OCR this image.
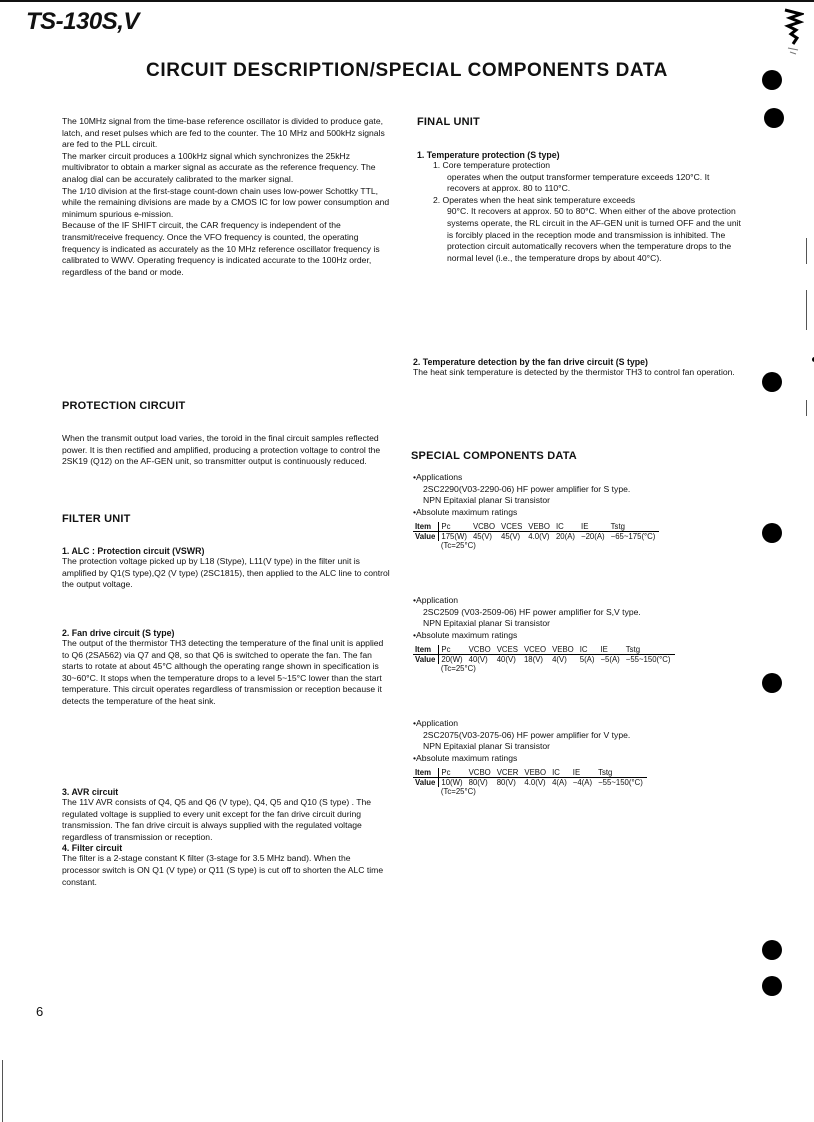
TS-130S,V
CIRCUIT DESCRIPTION/SPECIAL COMPONENTS DATA

The 10MHz signal from the time-base reference oscillator is divided to produce gate, latch, and reset pulses which are fed to the counter. The 10 MHz and 500kHz signals are fed to the PLL circuit.

The marker circuit produces a 100kHz signal which synchronizes the 25kHz multivibrator to obtain a marker signal as accurate as the reference frequency. The analog dial can be accurately calibrated to the marker signal.

The 1/10 division at the first-stage count-down chain uses low-power Schottky TTL, while the remaining divisions are made by a CMOS IC for low power consumption and minimum spurious e-mission.

Because of the IF SHIFT circuit, the CAR frequency is independent of the transmit/receive frequency. Once the VFO frequency is counted, the operating frequency is indicated as accurately as the 10 MHz reference oscillator frequency is calibrated to WWV. Operating frequency is indicated accurate to the 100Hz order, regardless of the band or mode.

PROTECTION CIRCUIT

When the transmit output load varies, the toroid in the final circuit samples reflected power. It is then rectified and amplified, producing a protection voltage to control the 2SK19 (Q12) on the AF-GEN unit, so transmitter output is continuously reduced.

FILTER UNIT
1. ALC : Protection circuit (VSWR)

The protection voltage picked up by L18 (Stype), L11(V type) in the filter unit is amplified by Q1(S type),Q2 (V type) (2SC1815), then applied to the ALC line to control the output voltage.

2. Fan drive circuit (S type)

The output of the thermistor TH3 detecting the temperature of the final unit is applied to Q6 (2SA562) via Q7 and Q8, so that Q6 is switched to operate the fan. The fan starts to rotate at about 45°C although the operating range shown in specification is 30~60°C. It stops when the temperature drops to a level 5~15°C lower than the start temperature. This circuit operates regardless of transmission or reception because it detects the temperature of the heat sink.

3. AVR circuit

The 11V AVR consists of Q4, Q5 and Q6 (V type), Q4, Q5 and Q10 (S type) . The regulated voltage is supplied to every unit except for the fan drive circuit during transmission. The fan drive circuit is always supplied with the regulated voltage regardless of transmission or reception.

4. Filter circuit

The filter is a 2-stage constant K filter (3-stage for 3.5 MHz band). When the processor switch is ON Q1 (V type) or Q11 (S type) is cut off to shorten the ALC time constant.

FINAL UNIT
1. Temperature protection (S type)

1. Core temperature protection

operates when the output transformer temperature exceeds 120°C. It recovers at approx. 80 to 110°C.

2. Operates when the heat sink temperature exceeds

90°C. It recovers at approx. 50 to 80°C. When either of the above protection systems operate, the RL circuit in the AF-GEN unit is turned OFF and the unit is forcibly placed in the reception mode and transmission is inhibited. The protection circuit automatically recovers when the temperature drops to the normal level (i.e., the temperature drops by about 40°C).

2. Temperature detection by the fan drive circuit (S type)

The heat sink temperature is detected by the thermistor TH3 to control fan operation.

SPECIAL COMPONENTS DATA
• Applications
2SC2290(V03-2290-06) HF power amplifier for S type.
NPN Epitaxial planar Si transistor
• Absolute maximum ratings
Item	Pc	VCBO	VCES	VEBO	IC	IE	Tstg
Value	175(W)	45(V)	45(V)	4.0(V)	20(A)	−20(A)	−65~175(°C)
	(Tc=25°C)						
• Application
2SC2509 (V03-2509-06) HF power amplifier for S,V type.
NPN Epitaxial planar Si transistor
• Absolute maximum ratings
Item	Pc	VCBO	VCES	VCEO	VEBO	IC	IE	Tstg
Value	20(W)	40(V)	40(V)	18(V)	4(V)	5(A)	−5(A)	−55~150(°C)
	(Tc=25°C)							
• Application
2SC2075(V03-2075-06) HF power amplifier for V type.
NPN Epitaxial planar Si transistor
• Absolute maximum ratings
Item	Pc	VCBO	VCER	VEBO	IC	IE	Tstg
Value	10(W)	80(V)	80(V)	4.0(V)	4(A)	−4(A)	−55~150(°C)
	(Tc=25°C)						
6
